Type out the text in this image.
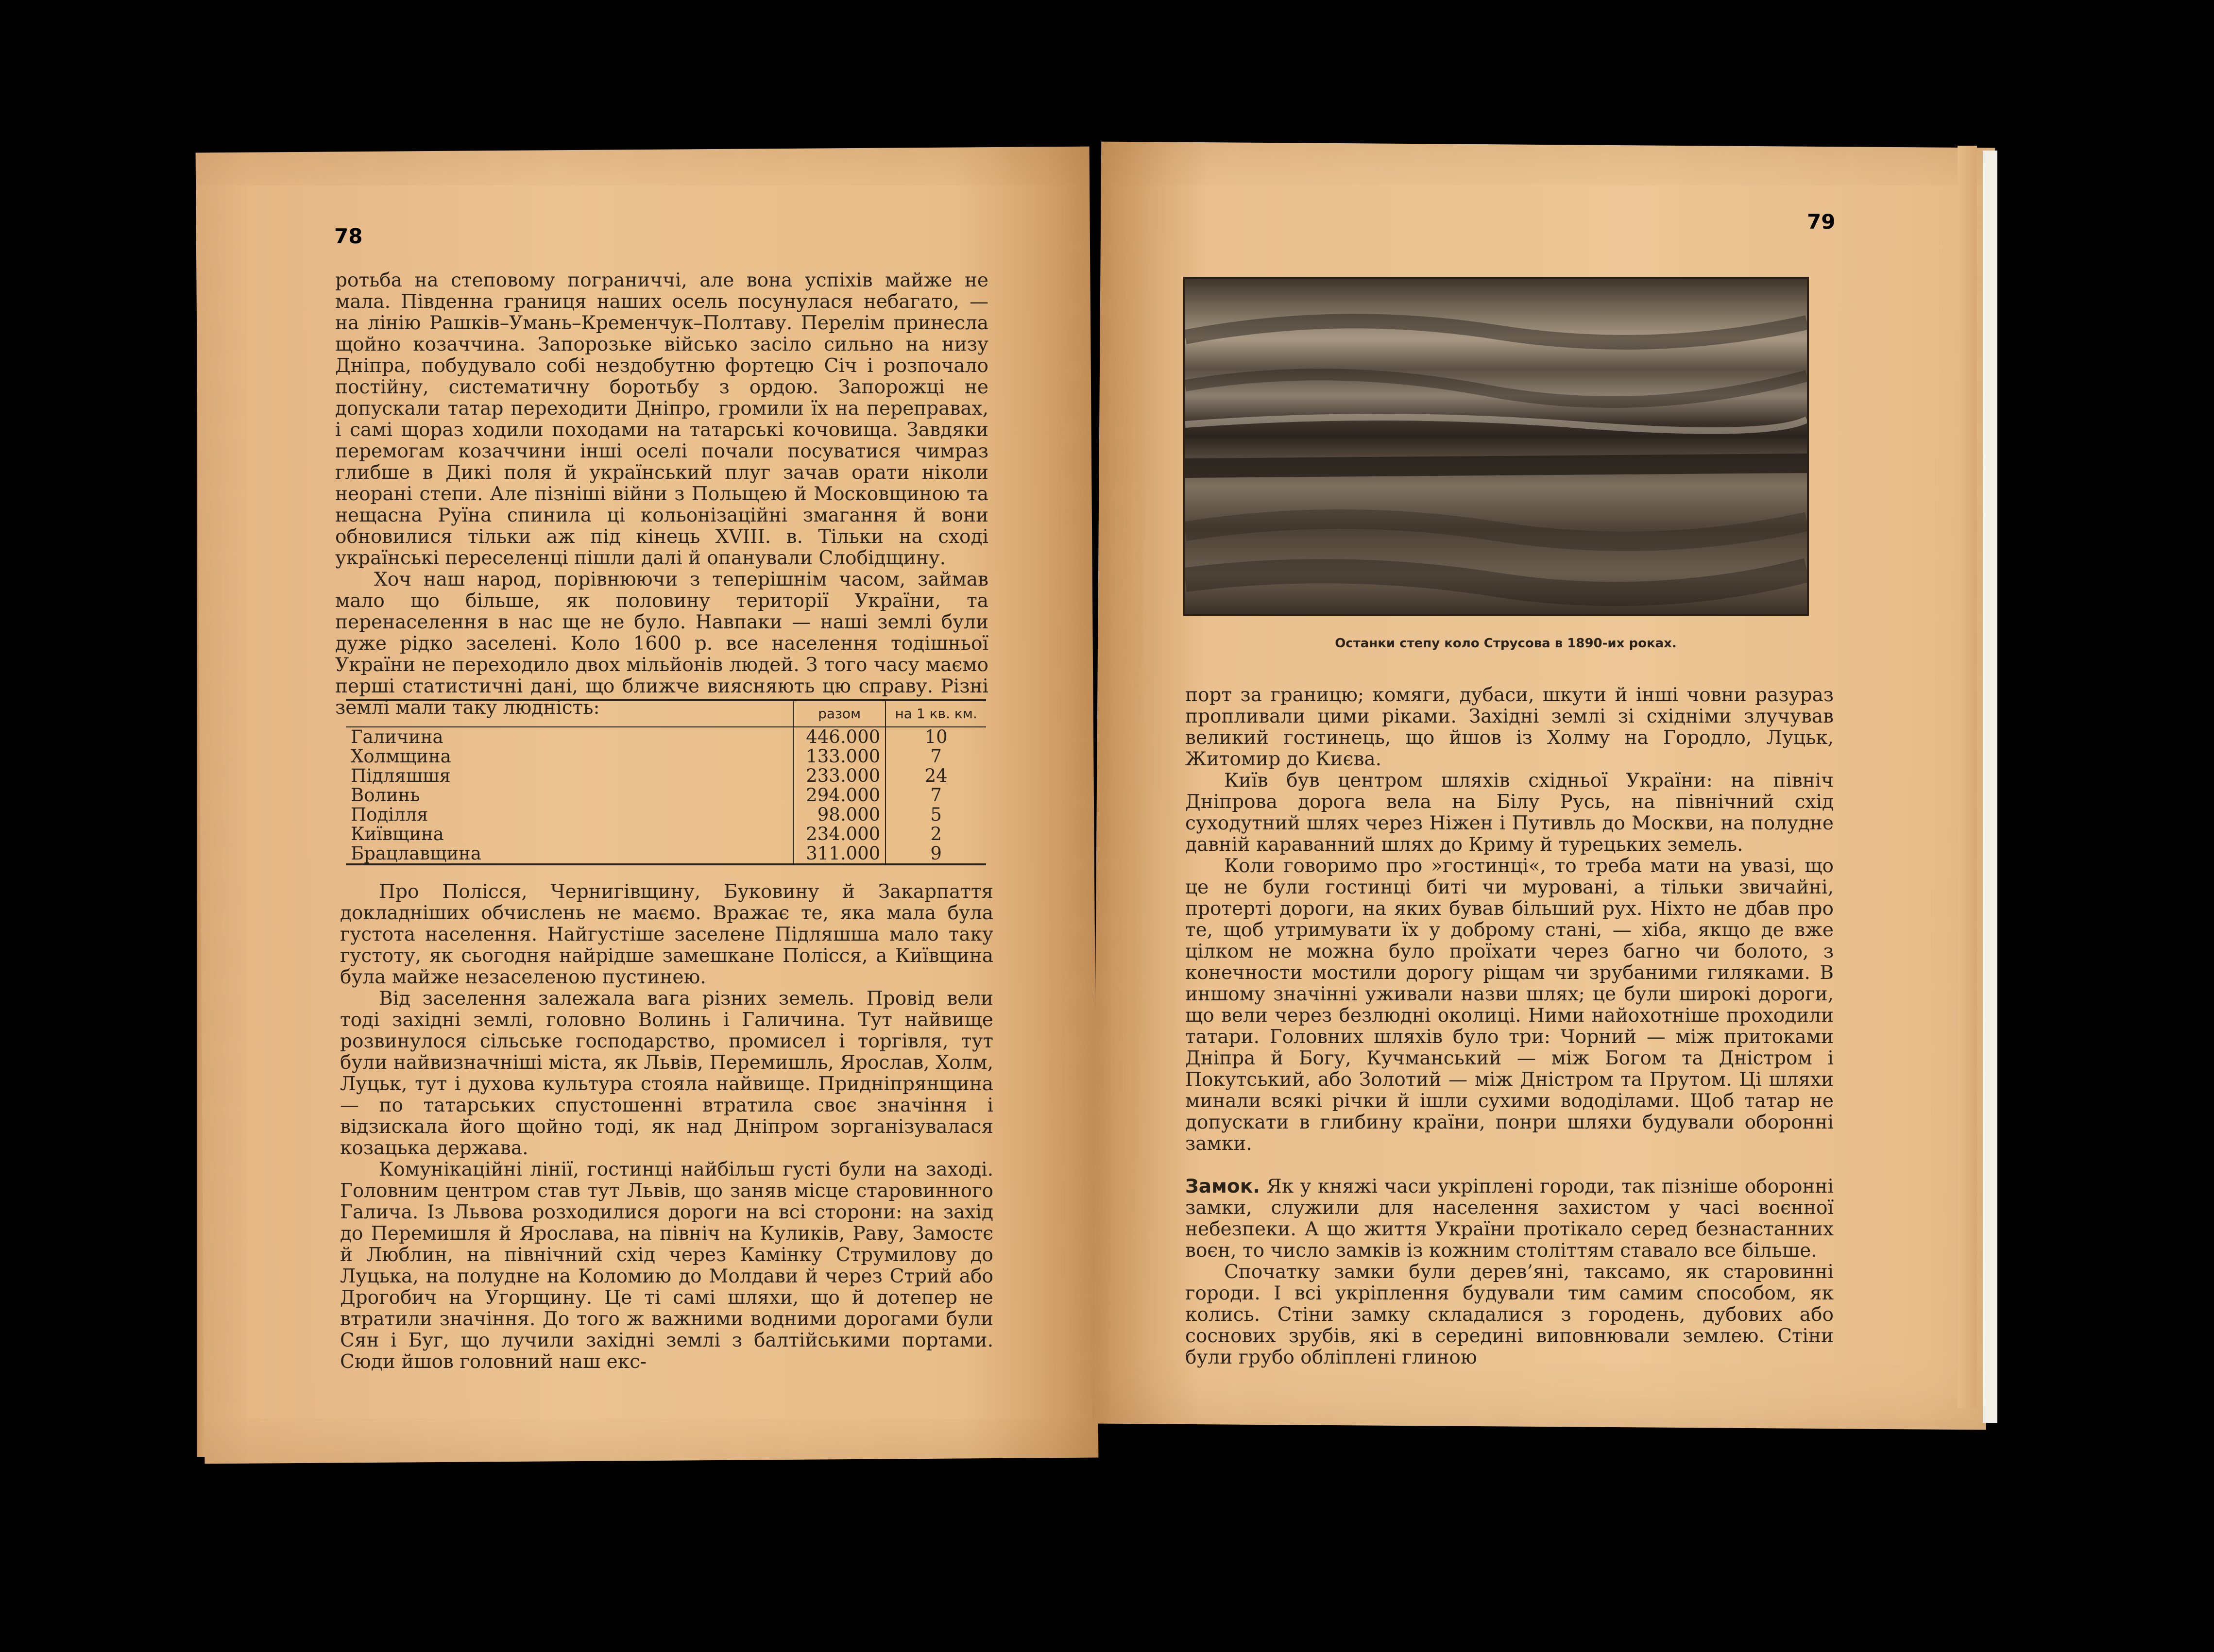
78

ротьба на степовому пограниччі, але вона успіхів майже не мала. Південна границя наших осель посунулася небагато, — на лінію Рашків–Умань–Кременчук–Полтаву. Перелім принесла щойно козаччина. Запорозьке військо засіло сильно на низу Дніпра, побудувало собі нездобутню фортецю Січ і розпочало постійну, систематичну боротьбу з ордою. Запорожці не допускали татар переходити Дніпро, громили їх на переправах, і самі щораз ходили походами на татарські кочовища. Завдяки перемогам козаччини інші оселі почали посуватися чимраз глибше в Дикі поля й український плуг зачав орати ніколи неорані степи. Але пізніші війни з Польщею й Московщиною та нещасна Руїна спинила ці кольонізаційні змагання й вони обновилися тільки аж під кінець XVIII. в. Тільки на сході українські переселенці пішли далі й опанували Слобідщину.

Хоч наш народ, порівнюючи з теперішнім часом, займав мало що більше, як половину території України, та перенаселення в нас ще не було. Навпаки — наші землі були дуже рідко заселені. Коло 1600 р. все населення тодішньої України не переходило двох мільйонів людей. З того часу маємо перші статистичні дані, що ближче виясняють цю справу. Різні землі мали таку людність:

		разом	на 1 кв. км.
Галичина	446.000	10
Холмщина	133.000	7
Підляшшя	233.000	24
Волинь	294.000	7
Поділля	98.000	5
Київщина	234.000	2
Брацлавщина	311.000	9

Про Полісся, Чернигівщину, Буковину й Закарпаття докладніших обчислень не маємо. Вражає те, яка мала була густота населення. Найгустіше заселене Підляшша мало таку густоту, як сьогодня найрідше замешкане Полісся, а Київщина була майже незаселеною пустинею.

Від заселення залежала вага різних земель. Провід вели тоді західні землі, головно Волинь і Галичина. Тут найвище розвинулося сільське господарство, промисел і торгівля, тут були найвизначніші міста, як Львів, Перемишль, Ярослав, Холм, Луцьк, тут і духова культура стояла найвище. Придніпрянщина — по татарських спустошенні втратила своє значіння і відзискала його щойно тоді, як над Дніпром зорганізувалася козацька держава.

Комунікаційні лінії, гостинці найбільш густі були на заході. Головним центром став тут Львів, що заняв місце старовинного Галича. Із Львова розходилися дороги на всі сторони: на захід до Перемишля й Ярослава, на північ на Куликів, Раву, Замостє й Люблин, на північний схід через Камінку Струмилову до Луцька, на полудне на Коломию до Молдави й через Стрий або Дрогобич на Угорщину. Це ті самі шляхи, що й дотепер не втратили значіння. До того ж важними водними дорогами були Сян і Буг, що лучили західні землі з балтійськими портами. Сюди йшов головний наш екс-

79
Останки степу коло Струсова в 1890-их роках.

порт за границю; комяги, дубаси, шкути й інші човни разураз пропливали цими ріками. Західні землі зі східніми злучував великий гостинець, що йшов із Холму на Городло, Луцьк, Житомир до Києва.

Київ був центром шляхів східньої України: на північ Дніпрова дорога вела на Білу Русь, на північний схід суходутний шлях через Ніжен і Путивль до Москви, на полудне давній караванний шлях до Криму й турецьких земель.

Коли говоримо про »гостинці«, то треба мати на увазі, що це не були гостинці биті чи муровані, а тільки звичайні, протерті дороги, на яких бував більший рух. Ніхто не дбав про те, щоб утримувати їх у доброму стані, — хіба, якщо де вже цілком не можна було проїхати через багно чи болото, з конечности мостили дорогу ріщам чи зрубаними гиляками. В иншому значінні уживали назви шлях; це були широкі дороги, що вели через безлюдні околиці. Ними найохотніше проходили татари. Головних шляхів було три: Чорний — між притоками Дніпра й Богу, Кучманський — між Богом та Дністром і Покутський, або Золотий — між Дністром та Прутом. Ці шляхи минали всякі річки й ішли сухими вододілами. Щоб татар не допускати в глибину країни, понри шляхи будували оборонні замки.

Замок. Як у княжі часи укріплені городи, так пізніше оборонні замки, служили для населення захистом у часі воєнної небезпеки. А що життя України протікало серед безнастанних воєн, то число замків із кожним століттям ставало все більше.

Спочатку замки були дерев’яні, таксамо, як старовинні городи. І всі укріплення будували тим самим способом, як колись. Стіни замку складалися з городень, дубових або соснових зрубів, які в середині виповнювали землею. Стіни були грубо обліплені глиною
